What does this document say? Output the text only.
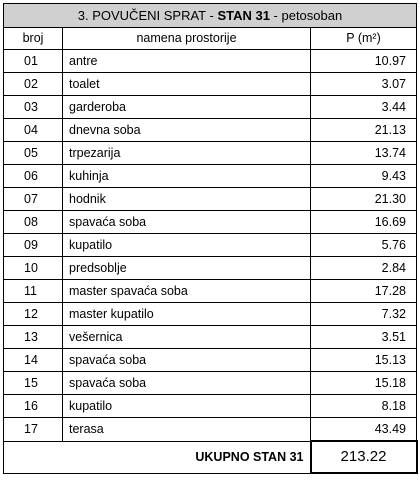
3. POVUČENI SPRAT - STAN 31 - petosoban		
broj	namena prostorije	P (m²)
01	antre	10.97
02	toalet	3.07
03	garderoba	3.44
04	dnevna soba	21.13
05	trpezarija	13.74
06	kuhinja	9.43
07	hodnik	21.30
08	spavaća soba	16.69
09	kupatilo	5.76
10	predsoblje	2.84
11	master spavaća soba	17.28
12	master kupatilo	7.32
13	vešernica	3.51
14	spavaća soba	15.13
15	spavaća soba	15.18
16	kupatilo	8.18
17	terasa	43.49
UKUPNO STAN 31		213.22
